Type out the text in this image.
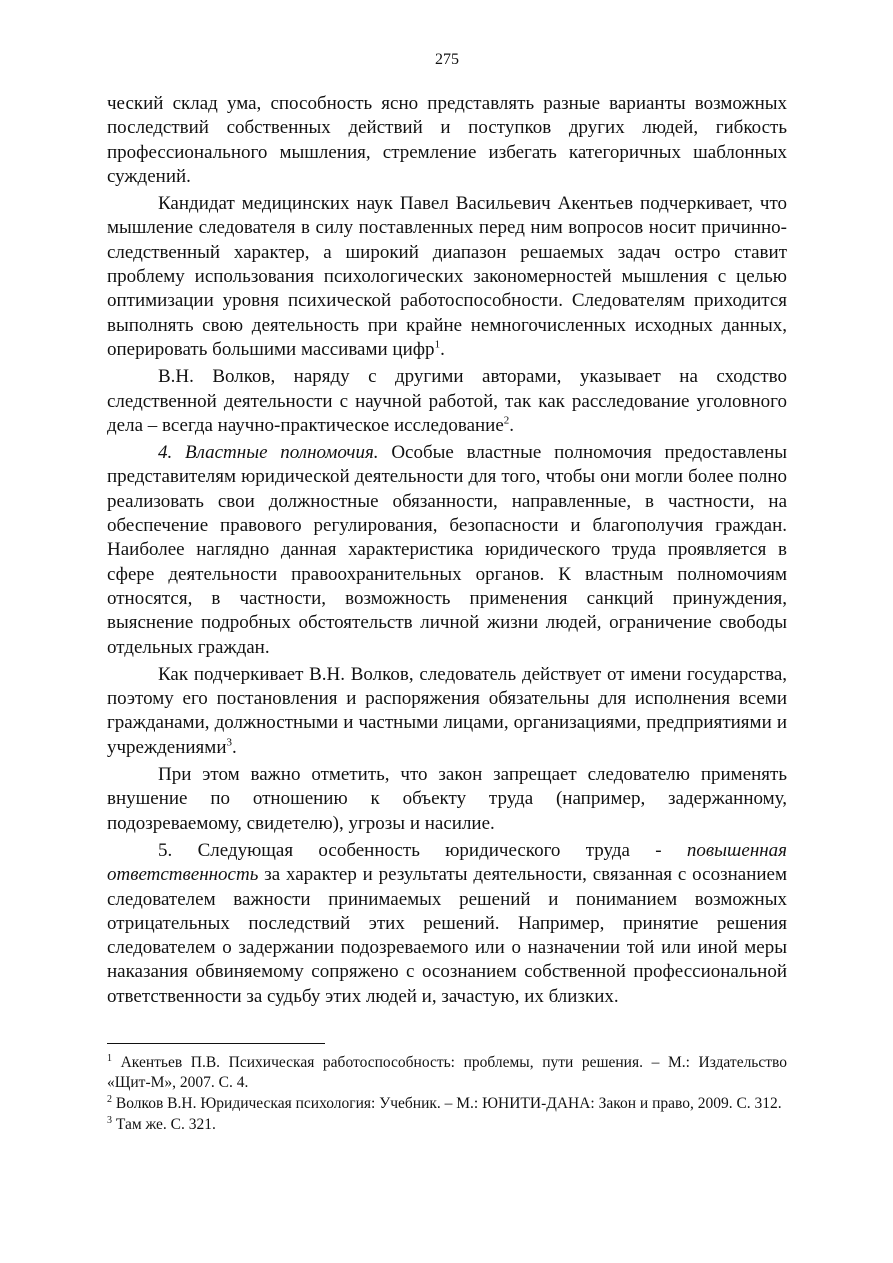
275

ческий склад ума, способность ясно представлять разные варианты возможных последствий собственных действий и поступков других людей, гибкость профессионального мышления, стремление избегать категоричных шаблонных суждений.

Кандидат медицинских наук Павел Васильевич Акентьев подчеркивает, что мышление следователя в силу поставленных перед ним вопросов носит причинно-следственный характер, а широкий диапазон решаемых задач остро ставит проблему использования психологических закономерностей мышления с целью оптимизации уровня психической работоспособности. Следователям приходится выполнять свою деятельность при крайне немногочисленных исходных данных, оперировать большими массивами цифр$^1$.

В.Н. Волков, наряду с другими авторами, указывает на сходство следственной деятельности с научной работой, так как расследование уголовного дела – всегда научно-практическое исследование$^2$.

4. Властные полномочия. Особые властные полномочия предоставлены представителям юридической деятельности для того, чтобы они могли более полно реализовать свои должностные обязанности, направленные, в частности, на обеспечение правового регулирования, безопасности и благополучия граждан. Наиболее наглядно данная характеристика юридического труда проявляется в сфере деятельности правоохранительных органов. К властным полномочиям относятся, в частности, возможность применения санкций принуждения, выяснение подробных обстоятельств личной жизни людей, ограничение свободы отдельных граждан.

Как подчеркивает В.Н. Волков, следователь действует от имени государства, поэтому его постановления и распоряжения обязательны для исполнения всеми гражданами, должностными и частными лицами, организациями, предприятиями и учреждениями$^3$.

При этом важно отметить, что закон запрещает следователю применять внушение по отношению к объекту труда (например, задержанному, подозреваемому, свидетелю), угрозы и насилие.

5. Следующая особенность юридического труда - повышенная ответственность за характер и результаты деятельности, связанная с осознанием следователем важности принимаемых решений и пониманием возможных отрицательных последствий этих решений. Например, принятие решения следователем о задержании подозреваемого или о назначении той или иной меры наказания обвиняемому сопряжено с осознанием собственной профессиональной ответственности за судьбу этих людей и, зачастую, их близких.

$^1$ Акентьев П.В. Психическая работоспособность: проблемы, пути решения. – М.: Издательство «Щит-М», 2007. С. 4.

$^2$ Волков В.Н. Юридическая психология: Учебник. – М.: ЮНИТИ-ДАНА: Закон и право, 2009. С. 312.

$^3$ Там же. С. 321.
